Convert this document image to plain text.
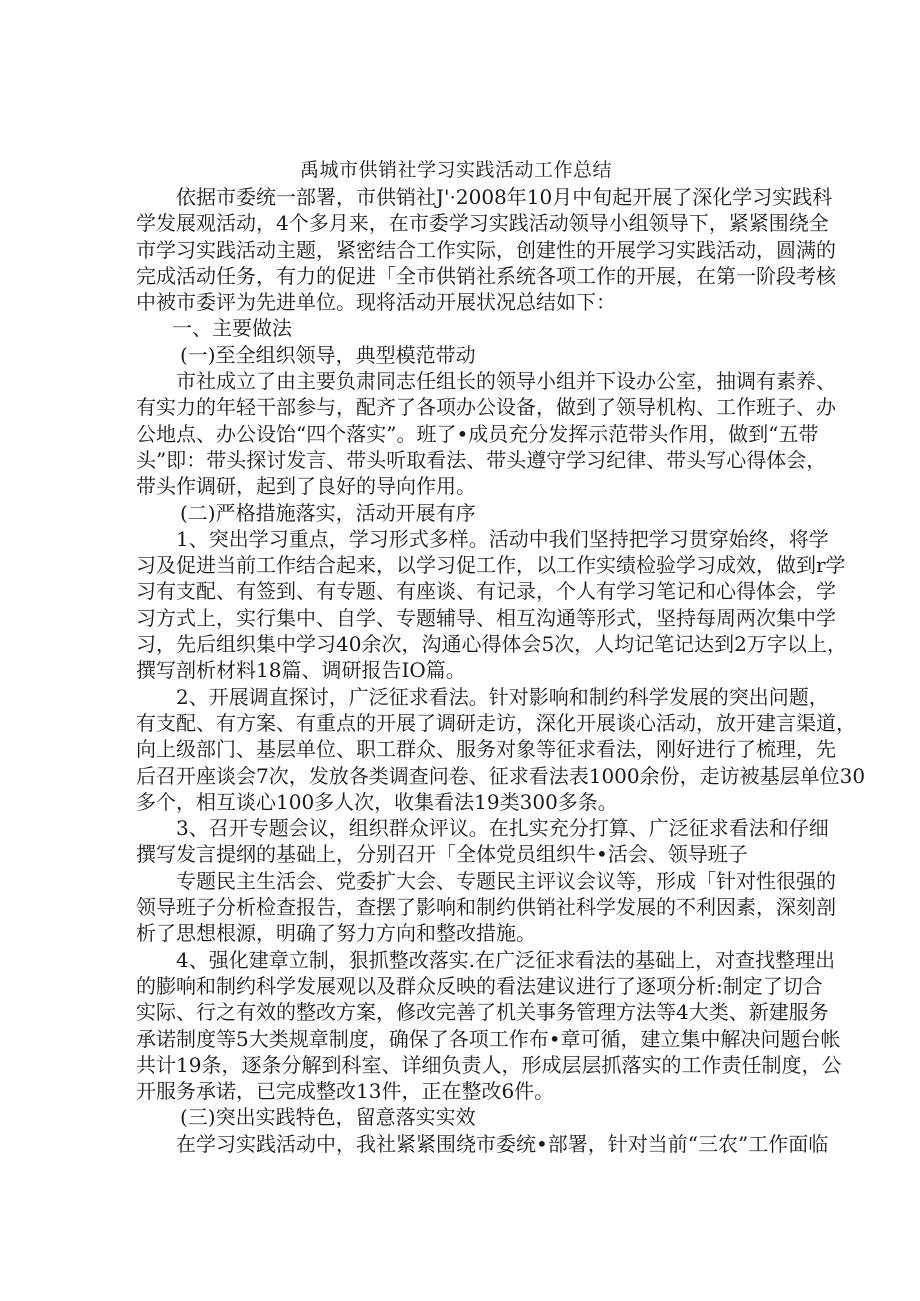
禹城市供销社学习实践活动工作总结
依据市委统一部署，市供销社J'·2008年10月中旬起开展了深化学习实践科
学发展观活动，4个多月来，在市委学习实践活动领导小组领导下，紧紧围绕全
市学习实践活动主题，紧密结合工作实际，创建性的开展学习实践活动，圆满的
完成活动任务，有力的促进「全市供销社系统各项工作的开展，在第一阶段考核
中被市委评为先进单位。现将活动开展状况总结如下：
一、主要做法
(一)至全组织领导，典型模范带动
市社成立了由主要负肃同志任组长的领导小组并下设办公室，抽调有素养、
有实力的年轻干部参与，配齐了各项办公设备，做到了领导机构、工作班子、办
公地点、办公设饴“四个落实”。班了•成员充分发挥示范带头作用，做到“五带
头”即：带头探讨发言、带头听取看法、带头遵守学习纪律、带头写心得体会，
带头作调研，起到了良好的导向作用。
(二)严格措施落实，活动开展有序
1、突出学习重点，学习形式多样。活动中我们坚持把学习贯穿始终，将学
习及促进当前工作结合起来，以学习促工作，以工作实绩检验学习成效，做到r学
习有支配、有签到、有专题、有座谈、有记录，个人有学习笔记和心得体会，学
习方式上，实行集中、自学、专题辅导、相互沟通等形式，坚持每周两次集中学
习，先后组织集中学习40余次，沟通心得体会5次，人均记笔记达到2万字以上，
撰写剖析材料18篇、调研报告IO篇。
2、开展调直探讨，广泛征求看法。针对影响和制约科学发展的突出问题，
有支配、有方案、有重点的开展了调研走访，深化开展谈心活动，放开建言渠道，
向上级部门、基层单位、职工群众、服务对象等征求看法，刚好进行了梳理，先
后召开座谈会7次，发放各类调查问卷、征求看法表1000余份，走访被基层单位30
多个，相互谈心100多人次，收集看法19类300多条。
3、召开专题会议，组织群众评议。在扎实充分打算、广泛征求看法和仔细
撰写发言提纲的基础上，分别召开「全体党员组织牛•活会、领导班子
专题民主生活会、党委扩大会、专题民主评议会议等，形成「针对性很强的
领导班子分析检查报告，查摆了影响和制约供销社科学发展的不利因素，深刻剖
析了思想根源，明确了努力方向和整改措施。
4、强化建章立制，狠抓整改落实.在广泛征求看法的基础上，对查找整理出
的膨响和制约科学发展观以及群众反映的看法建议进行了逐项分析:制定了切合
实际、行之有效的整改方案，修改完善了机关事务管理方法等4大类、新建服务
承诺制度等5大类规章制度，确保了各项工作布•章可循，建立集中解决问题台帐
共计19条，逐条分解到科室、详细负责人，形成层层抓落实的工作责任制度，公
开服务承诺，已完成整改13件，正在整改6件。
(三)突出实践特色，留意落实实效
在学习实践活动中，我社紧紧围绕市委统•部署，针对当前“三农”工作面临
